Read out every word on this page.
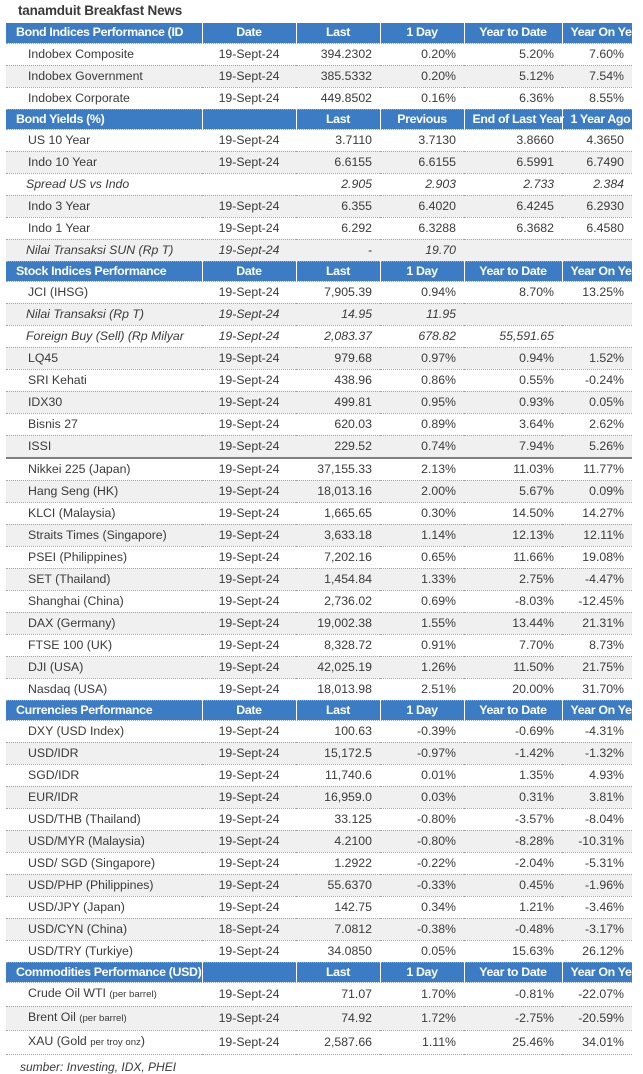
tanamduit Breakfast News
Bond Indices Performance (ID	Date	Last	1 Day	Year to Date	Year On Year
Indobex Composite	19-Sept-24	394.2302	0.20%	5.20%	7.60%
Indobex Government	19-Sept-24	385.5332	0.20%	5.12%	7.54%
Indobex Corporate	19-Sept-24	449.8502	0.16%	6.36%	8.55%
Bond Yields (%)		Last	Previous	End of Last Year	1 Year Ago
US 10 Year	19-Sept-24	3.7110	3.7130	3.8660	4.3650
Indo 10 Year	19-Sept-24	6.6155	6.6155	6.5991	6.7490
Spread US vs Indo		2.905	2.903	2.733	2.384
Indo 3 Year	19-Sept-24	6.355	6.4020	6.4245	6.2930
Indo 1 Year	19-Sept-24	6.292	6.3288	6.3682	6.4580
Nilai Transaksi SUN (Rp T)	19-Sept-24	-	19.70		
Stock Indices Performance	Date	Last	1 Day	Year to Date	Year On Year
JCI (IHSG)	19-Sept-24	7,905.39	0.94%	8.70%	13.25%
Nilai Transaksi (Rp T)	19-Sept-24	14.95	11.95		
Foreign Buy (Sell) (Rp Milyar	19-Sept-24	2,083.37	678.82	55,591.65	
LQ45	19-Sept-24	979.68	0.97%	0.94%	1.52%
SRI Kehati	19-Sept-24	438.96	0.86%	0.55%	-0.24%
IDX30	19-Sept-24	499.81	0.95%	0.93%	0.05%
Bisnis 27	19-Sept-24	620.03	0.89%	3.64%	2.62%
ISSI	19-Sept-24	229.52	0.74%	7.94%	5.26%
Nikkei 225 (Japan)	19-Sept-24	37,155.33	2.13%	11.03%	11.77%
Hang Seng (HK)	19-Sept-24	18,013.16	2.00%	5.67%	0.09%
KLCI (Malaysia)	19-Sept-24	1,665.65	0.30%	14.50%	14.27%
Straits Times (Singapore)	19-Sept-24	3,633.18	1.14%	12.13%	12.11%
PSEI (Philippines)	19-Sept-24	7,202.16	0.65%	11.66%	19.08%
SET (Thailand)	19-Sept-24	1,454.84	1.33%	2.75%	-4.47%
Shanghai (China)	19-Sept-24	2,736.02	0.69%	-8.03%	-12.45%
DAX (Germany)	19-Sept-24	19,002.38	1.55%	13.44%	21.31%
FTSE 100 (UK)	19-Sept-24	8,328.72	0.91%	7.70%	8.73%
DJI (USA)	19-Sept-24	42,025.19	1.26%	11.50%	21.75%
Nasdaq (USA)	19-Sept-24	18,013.98	2.51%	20.00%	31.70%
Currencies Performance	Date	Last	1 Day	Year to Date	Year On Year
DXY (USD Index)	19-Sept-24	100.63	-0.39%	-0.69%	-4.31%
USD/IDR	19-Sept-24	15,172.5	-0.97%	-1.42%	-1.32%
SGD/IDR	19-Sept-24	11,740.6	0.01%	1.35%	4.93%
EUR/IDR	19-Sept-24	16,959.0	0.03%	0.31%	3.81%
USD/THB (Thailand)	19-Sept-24	33.125	-0.80%	-3.57%	-8.04%
USD/MYR (Malaysia)	19-Sept-24	4.2100	-0.80%	-8.28%	-10.31%
USD/ SGD (Singapore)	19-Sept-24	1.2922	-0.22%	-2.04%	-5.31%
USD/PHP (Philippines)	19-Sept-24	55.6370	-0.33%	0.45%	-1.96%
USD/JPY (Japan)	19-Sept-24	142.75	0.34%	1.21%	-3.46%
USD/CYN (China)	18-Sept-24	7.0812	-0.38%	-0.48%	-3.17%
USD/TRY (Turkiye)	19-Sept-24	34.0850	0.05%	15.63%	26.12%
Commodities Performance (USD)		Last	1 Day	Year to Date	Year On Year
Crude Oil WTI (per barrel)	19-Sept-24	71.07	1.70%	-0.81%	-22.07%
Brent Oil (per barrel)	19-Sept-24	74.92	1.72%	-2.75%	-20.59%
XAU (Gold per troy onz)	19-Sept-24	2,587.66	1.11%	25.46%	34.01%
sumber: Investing, IDX, PHEI
